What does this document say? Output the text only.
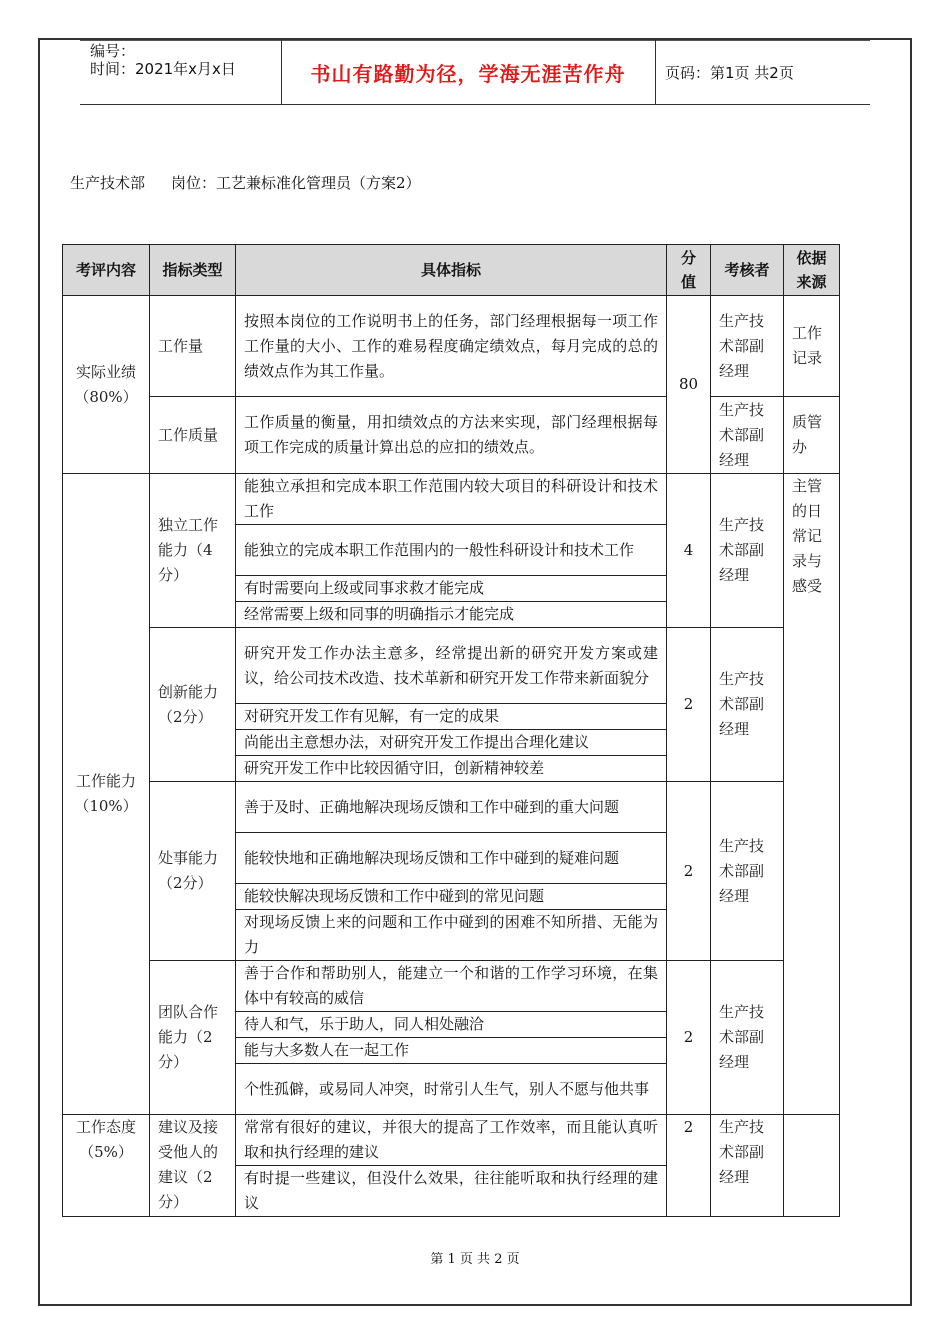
编号：
时间：2021年x月x日	书山有路勤为径，学海无涯苦作舟	页码：第1页 共2页
生产技术部 岗位：工艺兼标准化管理员（方案2）
考评内容	指标类型	具体指标	分值	考核者	依据来源
实际业绩（80%）	工作量	按照本岗位的工作说明书上的任务，部门经理根据每一项工作工作量的大小、工作的难易程度确定绩效点，每月完成的总的绩效点作为其工作量。	80	生产技术部副经理	工作记录
	工作质量	工作质量的衡量，用扣绩效点的方法来实现，部门经理根据每项工作完成的质量计算出总的应扣的绩效点。		生产技术部副经理	质管办
工作能力（10%）	独立工作能力（4分）	能独立承担和完成本职工作范围内较大项目的科研设计和技术工作	4	生产技术部副经理	主管的日常记录与感受
		能独立的完成本职工作范围内的一般性科研设计和技术工作			
		有时需要向上级或同事求救才能完成			
		经常需要上级和同事的明确指示才能完成			
	创新能力（2分）	研究开发工作办法主意多，经常提出新的研究开发方案或建议，给公司技术改造、技术革新和研究开发工作带来新面貌分	2	生产技术部副经理	
		对研究开发工作有见解，有一定的成果			
		尚能出主意想办法，对研究开发工作提出合理化建议			
		研究开发工作中比较因循守旧，创新精神较差			
	处事能力（2分）	善于及时、正确地解决现场反馈和工作中碰到的重大问题	2	生产技术部副经理	
		能较快地和正确地解决现场反馈和工作中碰到的疑难问题			
		能较快解决现场反馈和工作中碰到的常见问题			
		对现场反馈上来的问题和工作中碰到的困难不知所措、无能为力			
	团队合作能力（2分）	善于合作和帮助别人，能建立一个和谐的工作学习环境，在集体中有较高的威信	2	生产技术部副经理	
		待人和气，乐于助人，同人相处融洽			
		能与大多数人在一起工作			
		个性孤僻，或易同人冲突，时常引人生气，别人不愿与他共事			
工作态度（5%）	建议及接受他人的建议（2分）	常常有很好的建议，并很大的提高了工作效率，而且能认真听取和执行经理的建议	2	生产技术部副经理	
		有时提一些建议，但没什么效果，往往能听取和执行经理的建议			
第 1 页 共 2 页
